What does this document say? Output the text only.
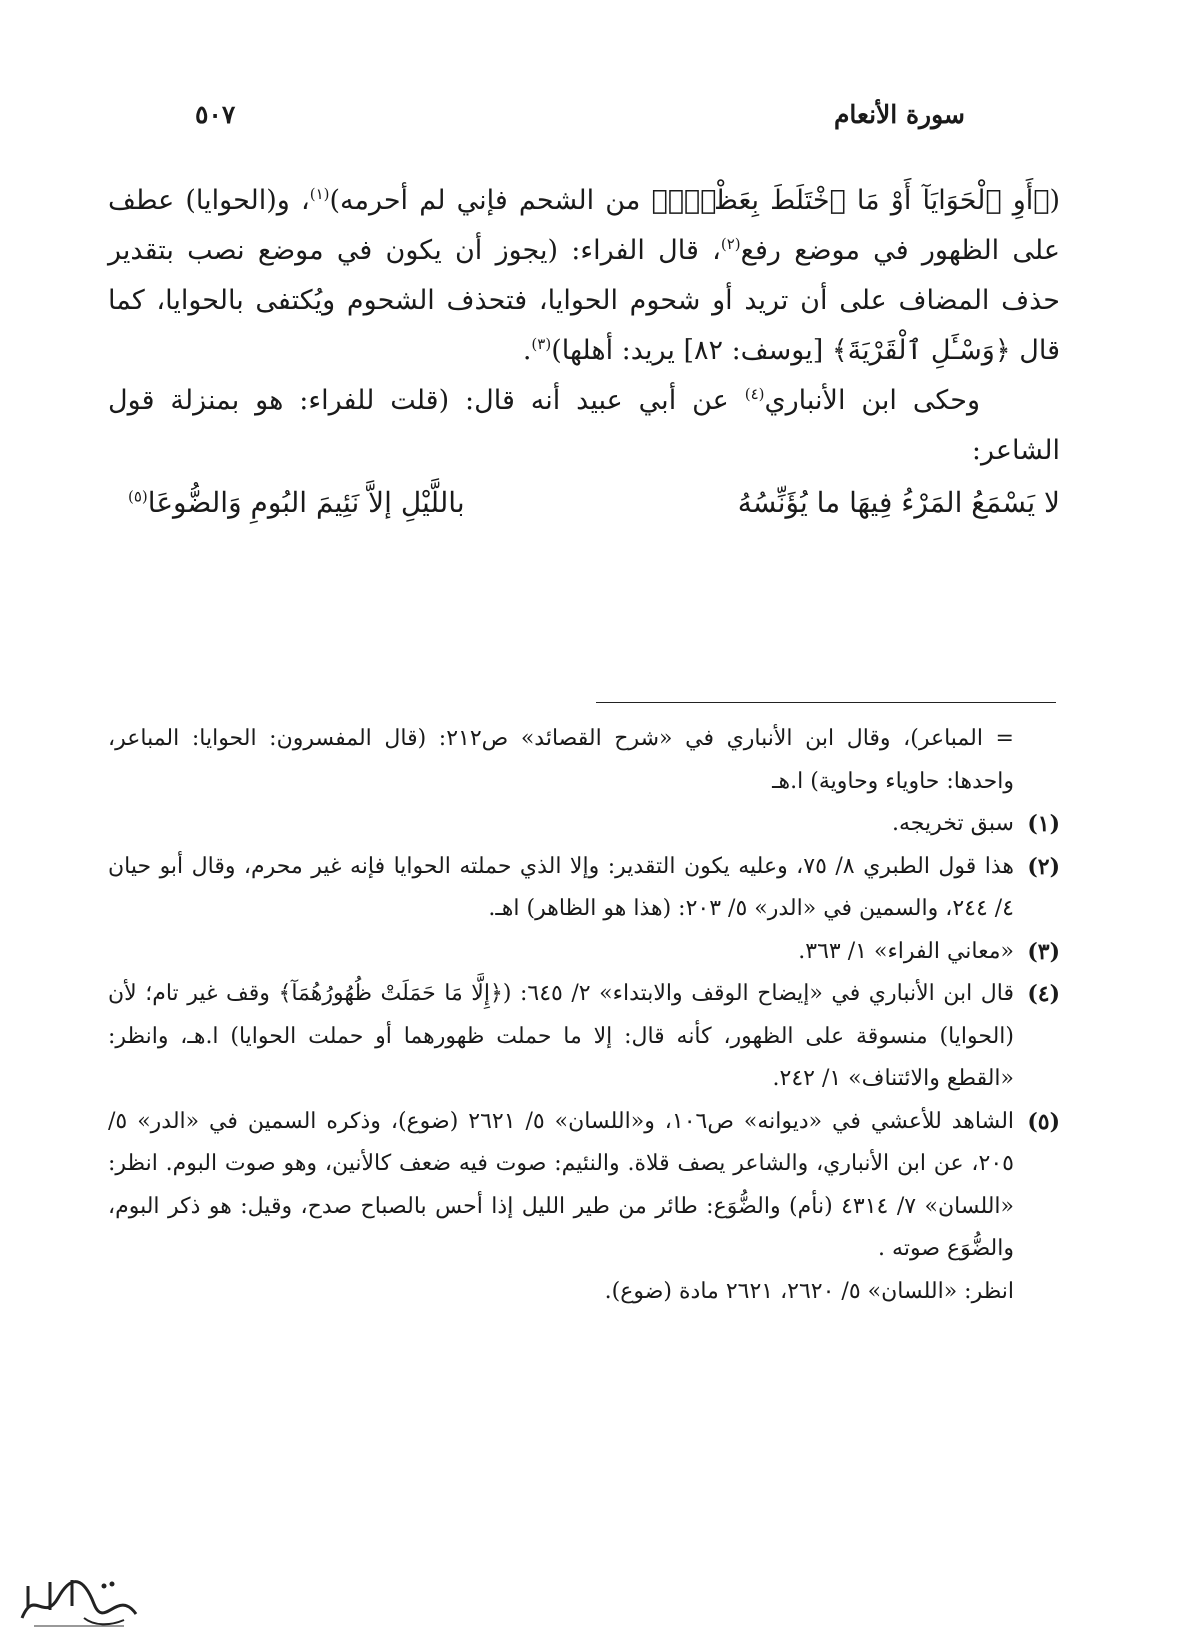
سورة الأنعام
٥٠٧

(﴿أَوِ ٱلْحَوَايَآ أَوْ مَا ٱخْتَلَطَ بِعَظْمٍۚ﴾ من الشحم فإني لم أحرمه)$^{(١)}$، و(الحوايا) عطف على الظهور في موضع رفع$^{(٢)}$، قال الفراء: (يجوز أن يكون في موضع نصب بتقدير حذف المضاف على أن تريد أو شحوم الحوايا، فتحذف الشحوم ويُكتفى بالحوايا، كما قال ﴿وَسْـَٔلِ ٱلْقَرْيَةَ﴾ [يوسف: ٨٢] يريد: أهلها)$^{(٣)}$.

وحكى ابن الأنباري$^{(٤)}$ عن أبي عبيد أنه قال: (قلت للفراء: هو بمنزلة قول الشاعر:

لا يَسْمَعُ المَرْءُ فِيهَا ما يُؤَنِّسُهُ
باللَّيْلِ إلاَّ نَئِيمَ البُومِ وَالضُّوعَا$^{(٥)}$
= المباعر)، وقال ابن الأنباري في «شرح القصائد» ص٢١٢: (قال المفسرون: الحوايا: المباعر، واحدها: حاوياء وحاوية) ا.هـ
(١)
سبق تخريجه.
(٢)
هذا قول الطبري ٨/ ٧٥، وعليه يكون التقدير: وإلا الذي حملته الحوايا فإنه غير محرم، وقال أبو حيان ٤/ ٢٤٤، والسمين في «الدر» ٥/ ٢٠٣: (هذا هو الظاهر) اهـ.
(٣)
«معاني الفراء» ١/ ٣٦٣.
(٤)
قال ابن الأنباري في «إيضاح الوقف والابتداء» ٢/ ٦٤٥: (﴿إِلَّا مَا حَمَلَتْ ظُهُورُهُمَآ﴾ وقف غير تام؛ لأن (الحوايا) منسوقة على الظهور، كأنه قال: إلا ما حملت ظهورهما أو حملت الحوايا) ا.هـ، وانظر: «القطع والائتناف» ١/ ٢٤٢.
(٥)
الشاهد للأعشي في «ديوانه» ص١٠٦، و«اللسان» ٥/ ٢٦٢١ (ضوع)، وذكره السمين في «الدر» ٥/ ٢٠٥، عن ابن الأنباري، والشاعر يصف قلاة. والنئيم: صوت فيه ضعف كالأنين، وهو صوت البوم. انظر: «اللسان» ٧/ ٤٣١٤ (نأم) والضُّوَع: طائر من طير الليل إذا أحس بالصباح صدح، وقيل: هو ذكر البوم، والضُّوَع صوته .
انظر: «اللسان» ٥/ ٢٦٢٠، ٢٦٢١ مادة (ضوع).
